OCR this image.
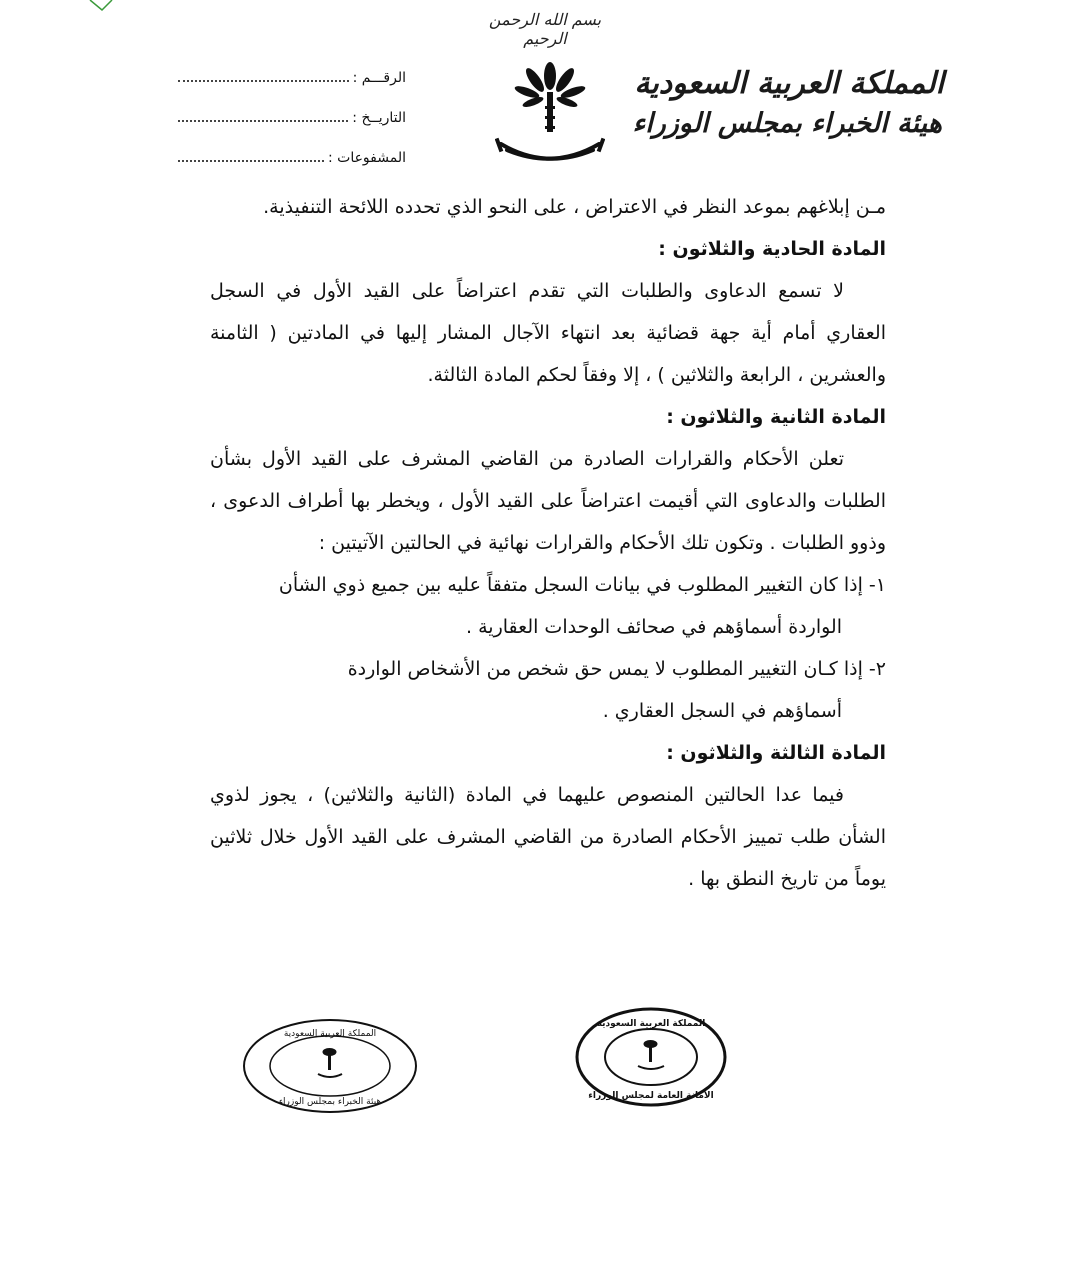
بسم الله الرحمن الرحيم
المملكة العربية السعودية
هيئة الخبراء بمجلس الوزراء
الرقـــم :
التاريــخ :
المشفوعات :

مـن إبلاغهم بموعد النظر في الاعتراض ، على النحو الذي تحدده اللائحة التنفيذية.

المادة الحادية والثلاثون :

لا تسمع الدعاوى والطلبات التي تقدم اعتراضاً على القيد الأول في السجل العقاري أمام أية جهة قضائية بعد انتهاء الآجال المشار إليها في المادتين ( الثامنة والعشرين ، الرابعة والثلاثين ) ، إلا وفقاً لحكم المادة الثالثة.

المادة الثانية والثلاثون :

تعلن الأحكام والقرارات الصادرة من القاضي المشرف على القيد الأول بشأن الطلبات والدعاوى التي أقيمت اعتراضاً على القيد الأول ، ويخطر بها أطراف الدعوى ، وذوو الطلبات . وتكون تلك الأحكام والقرارات نهائية في الحالتين الآتيتين :

١- إذا كان التغيير المطلوب في بيانات السجل متفقاً عليه بين جميع ذوي الشأن
الواردة أسماؤهم في صحائف الوحدات العقارية .
٢- إذا كـان التغيير المطلوب لا يمس حق شخص من الأشخاص الواردة
أسماؤهم في السجل العقاري .

المادة الثالثة والثلاثون :

فيما عدا الحالتين المنصوص عليهما في المادة (الثانية والثلاثين) ، يجوز لذوي الشأن طلب تمييز الأحكام الصادرة من القاضي المشرف على القيد الأول خلال ثلاثين يوماً من تاريخ النطق بها .

المملكة العربية السعودية
هيئة الخبراء بمجلس الوزراء
المملكة العربية السعودية
الأمانة العامة لمجلس الوزراء
